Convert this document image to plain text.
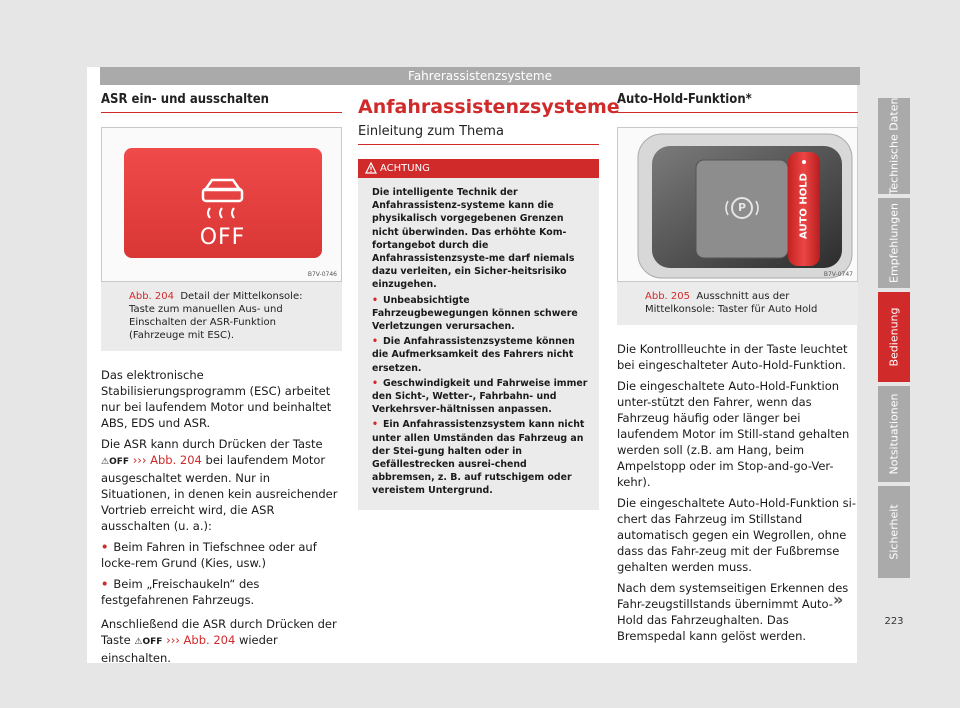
Fahrerassistenzsysteme
ASR ein- und ausschalten
OFF
B7V-0746
Abb. 204 Detail der Mittelkonsole: Taste zum manuellen Aus- und Einschalten der ASR-Funktion (Fahrzeuge mit ESC).

Das elektronische Stabilisierungsprogramm (ESC) arbeitet nur bei laufendem Motor und beinhaltet ABS, EDS und ASR.

Die ASR kann durch Drücken der Taste ⚠OFF ››› Abb. 204 bei laufendem Motor ausgeschaltet werden. Nur in Situationen, in denen kein ausreichender Vortrieb erreicht wird, die ASR ausschalten (u. a.):

• Beim Fahren in Tiefschnee oder auf locke-rem Grund (Kies, usw.)

• Beim „Freischaukeln“ des festgefahrenen Fahrzeugs.

Anschließend die ASR durch Drücken der Taste ⚠OFF ››› Abb. 204 wieder einschalten.

Anfahrassistenzsysteme
Einleitung zum Thema
ACHTUNG

Die intelligente Technik der Anfahrassistenz-systeme kann die physikalisch vorgegebenen Grenzen nicht überwinden. Das erhöhte Kom-fortangebot durch die Anfahrassistenzsyste-me darf niemals dazu verleiten, ein Sicher-heitsrisiko einzugehen.

• Unbeabsichtigte Fahrzeugbewegungen können schwere Verletzungen verursachen.

• Die Anfahrassistenzsysteme können die Aufmerksamkeit des Fahrers nicht ersetzen.

• Geschwindigkeit und Fahrweise immer den Sicht-, Wetter-, Fahrbahn- und Verkehrsver-hältnissen anpassen.

• Ein Anfahrassistenzsystem kann nicht unter allen Umständen das Fahrzeug an der Stei-gung halten oder in Gefällestrecken ausrei-chend abbremsen, z. B. auf rutschigem oder vereistem Untergrund.

Auto-Hold-Funktion*
P	AUTO HOLD
B7V-0747
Abb. 205 Ausschnitt aus der Mittelkonsole: Taster für Auto Hold

Die Kontrollleuchte in der Taste leuchtet bei eingeschalteter Auto-Hold-Funktion.

Die eingeschaltete Auto-Hold-Funktion unter-stützt den Fahrer, wenn das Fahrzeug häufig oder länger bei laufendem Motor im Still-stand gehalten werden soll (z.B. am Hang, beim Ampelstopp oder im Stop-and-go-Ver-kehr).

Die eingeschaltete Auto-Hold-Funktion si-chert das Fahrzeug im Stillstand automatisch gegen ein Wegrollen, ohne dass das Fahr-zeug mit der Fußbremse gehalten werden muss.

Nach dem systemseitigen Erkennen des Fahr-zeugstillstands übernimmt Auto-Hold das Fahrzeughalten. Das Bremspedal kann gelöst werden.

»
Technische Daten
Empfehlungen
Bedienung
Notsituationen
Sicherheit
223
